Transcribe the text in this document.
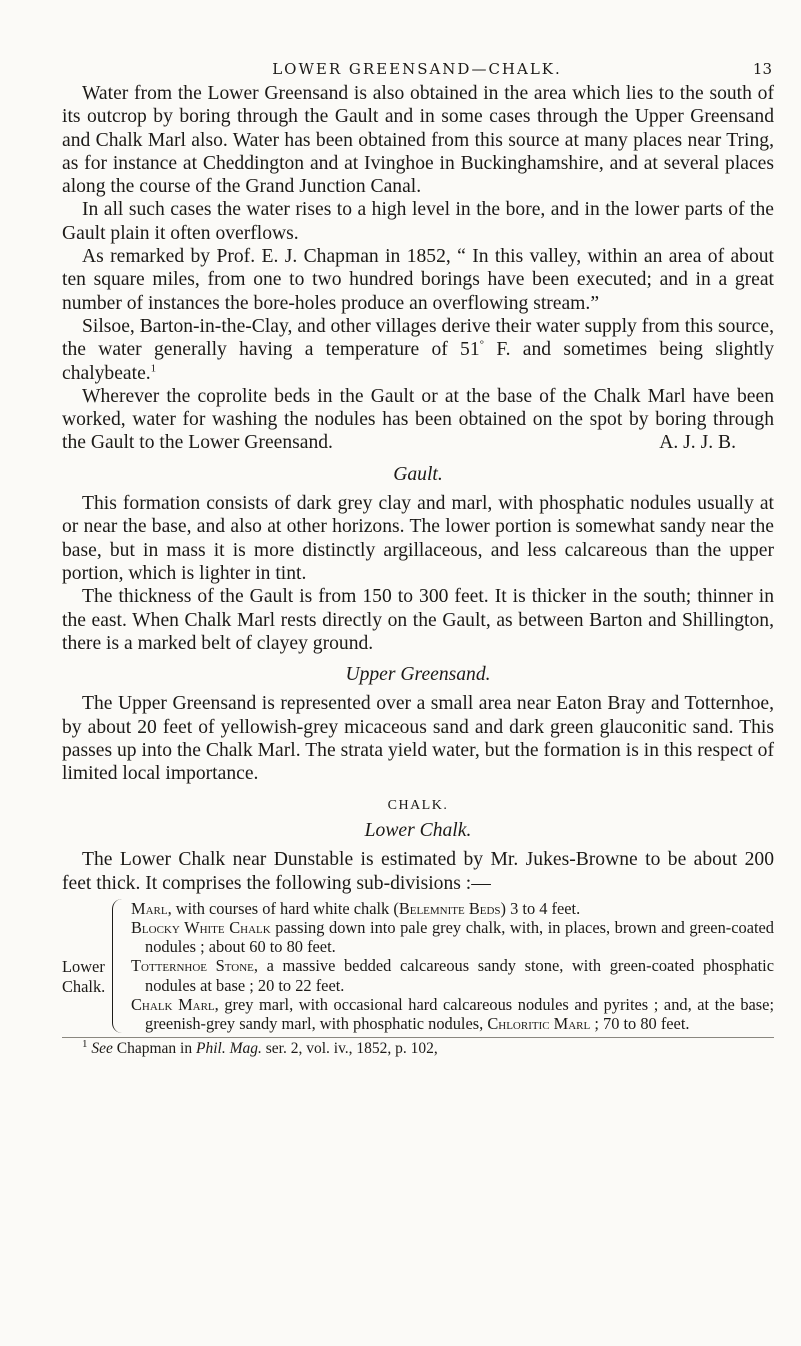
LOWER GREENSAND—CHALK.	13

Water from the Lower Greensand is also obtained in the area which lies to the south of its outcrop by boring through the Gault and in some cases through the Upper Greensand and Chalk Marl also. Water has been obtained from this source at many places near Tring, as for instance at Cheddington and at Ivinghoe in Buckinghamshire, and at several places along the course of the Grand Junction Canal.

In all such cases the water rises to a high level in the bore, and in the lower parts of the Gault plain it often overflows.

As remarked by Prof. E. J. Chapman in 1852, “ In this valley, within an area of about ten square miles, from one to two hundred borings have been executed; and in a great number of instances the bore-holes produce an overflowing stream.”

Silsoe, Barton-in-the-Clay, and other villages derive their water supply from this source, the water generally having a temperature of 51° F. and sometimes being slightly chalybeate.$^1$

Wherever the coprolite beds in the Gault or at the base of the Chalk Marl have been worked, water for washing the nodules has been obtained on the spot by boring through the Gault to the Lower Greensand.	A. J. J. B.

Gault.

This formation consists of dark grey clay and marl, with phosphatic nodules usually at or near the base, and also at other horizons. The lower portion is somewhat sandy near the base, but in mass it is more distinctly argillaceous, and less calcareous than the upper portion, which is lighter in tint.

The thickness of the Gault is from 150 to 300 feet. It is thicker in the south; thinner in the east. When Chalk Marl rests directly on the Gault, as between Barton and Shillington, there is a marked belt of clayey ground.

Upper Greensand.

The Upper Greensand is represented over a small area near Eaton Bray and Totternhoe, by about 20 feet of yellowish-grey micaceous sand and dark green glauconitic sand. This passes up into the Chalk Marl. The strata yield water, but the formation is in this respect of limited local importance.

CHALK.
Lower Chalk.

The Lower Chalk near Dunstable is estimated by Mr. Jukes-Browne to be about 200 feet thick. It comprises the following sub-divisions :—

Lower
Chalk.
Marl, with courses of hard white chalk (Belemnite Beds) 3 to 4 feet.
Blocky White Chalk passing down into pale grey chalk, with, in places, brown and green-coated nodules ; about 60 to 80 feet.
Totternhoe Stone, a massive bedded calcareous sandy stone, with green-coated phosphatic nodules at base ; 20 to 22 feet.
Chalk Marl, grey marl, with occasional hard calcareous nodules and pyrites ; and, at the base; greenish-grey sandy marl, with phosphatic nodules, Chloritic Marl ; 70 to 80 feet.
$^1$ See Chapman in Phil. Mag. ser. 2, vol. iv., 1852, p. 102,
